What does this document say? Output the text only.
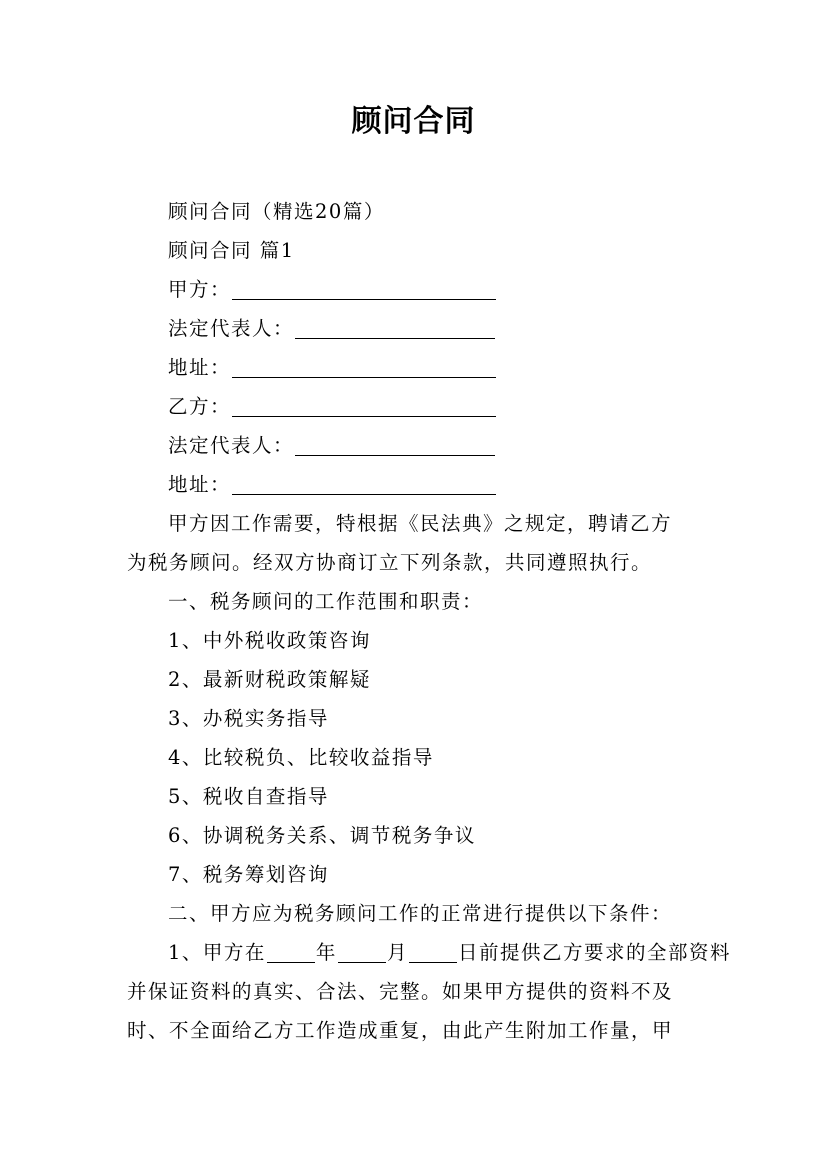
顾问合同
顾问合同（精选20篇）
顾问合同 篇1
甲方：
法定代表人：
地址：
乙方：
法定代表人：
地址：
甲方因工作需要，特根据《民法典》之规定，聘请乙方
为税务顾问。经双方协商订立下列条款，共同遵照执行。
一、税务顾问的工作范围和职责：
1、中外税收政策咨询
2、最新财税政策解疑
3、办税实务指导
4、比较税负、比较收益指导
5、税收自查指导
6、协调税务关系、调节税务争议
7、税务筹划咨询
二、甲方应为税务顾问工作的正常进行提供以下条件：
1、甲方在	年	月	日前提供乙方要求的全部资料
并保证资料的真实、合法、完整。如果甲方提供的资料不及
时、不全面给乙方工作造成重复，由此产生附加工作量，甲
